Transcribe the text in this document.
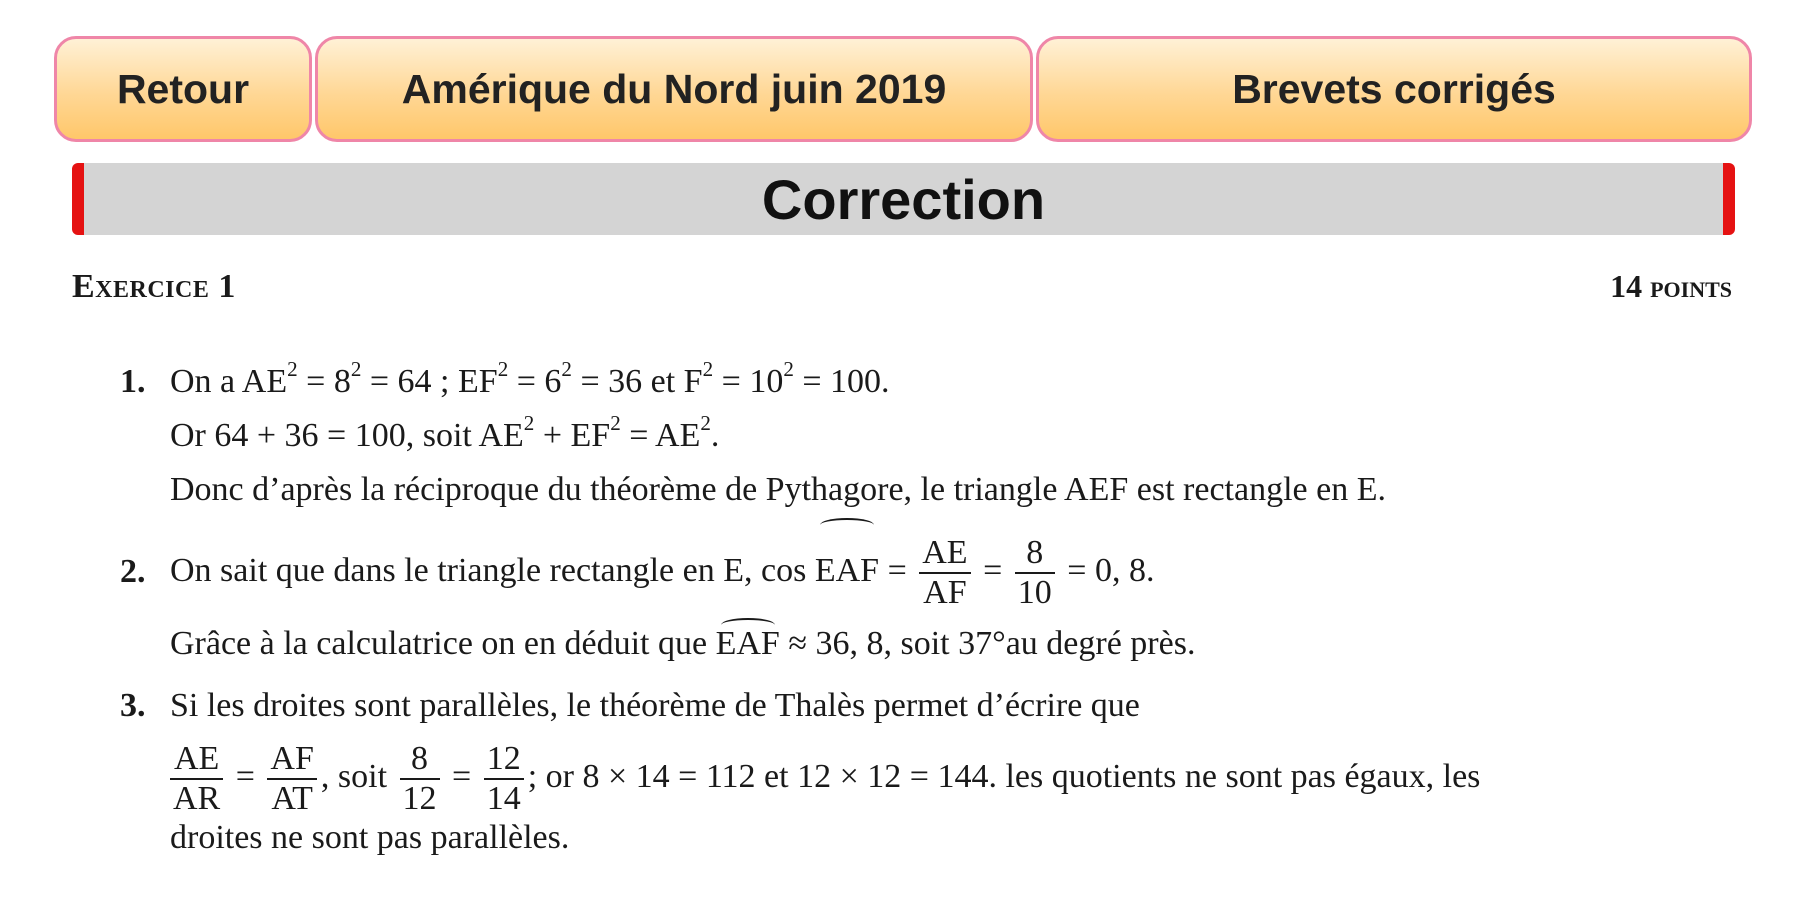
Retour	Amérique du Nord juin 2019	Brevets corrigés
Correction
Exercice 1	14 points
1. On a $AE^2 = 8^2 = 64$ ; $EF^2 = 6^2 = 36$ et $F^2 = 10^2 = 100$.
Or 64 + 36 = 100, soit $AE^2 + EF^2 = AE^2$.
Donc d’après la réciproque du théorème de Pythagore, le triangle AEF est rectangle en E.
2. On sait que dans le triangle rectangle en E, cos EAF = $\frac{AE}{AF} = \frac{8}{10} = 0$, 8.
Grâce à la calculatrice on en déduit que EAF ≈ 36, 8, soit 37°au degré près.
3. Si les droites sont parallèles, le théorème de Thalès permet d’écrire que
$\frac{AE}{AR} = \frac{AF}{AT}$ , soit $\frac{8}{12} = \frac{12}{14}$ ; or 8 × 14 = 112 et 12 × 12 = 144. les quotients ne sont pas égaux, les
droites ne sont pas parallèles.
